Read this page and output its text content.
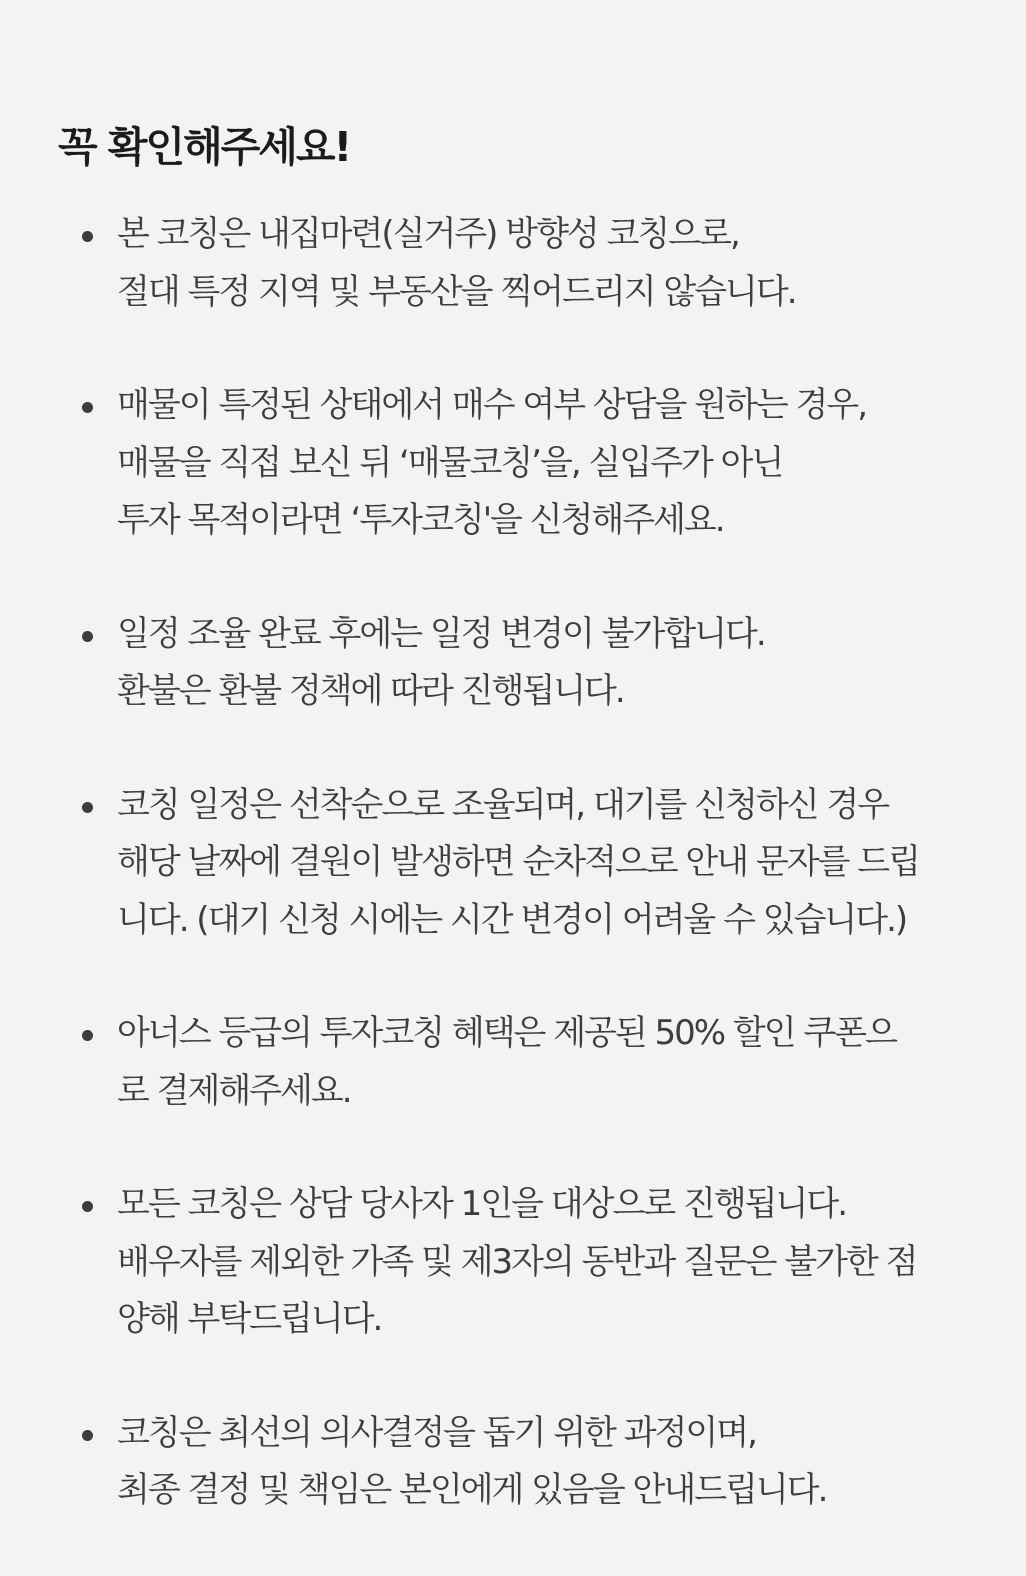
꼭 확인해주세요!
본 코칭은 내집마련(실거주) 방향성 코칭으로,
절대 특정 지역 및 부동산을 찍어드리지 않습니다.
매물이 특정된 상태에서 매수 여부 상담을 원하는 경우,
매물을 직접 보신 뒤 ‘매물코칭’을, 실입주가 아닌
투자 목적이라면 ‘투자코칭'을 신청해주세요.
일정 조율 완료 후에는 일정 변경이 불가합니다.
환불은 환불 정책에 따라 진행됩니다.
코칭 일정은 선착순으로 조율되며, 대기를 신청하신 경우
해당 날짜에 결원이 발생하면 순차적으로 안내 문자를 드립
니다. (대기 신청 시에는 시간 변경이 어려울 수 있습니다.)
아너스 등급의 투자코칭 혜택은 제공된 50% 할인 쿠폰으
로 결제해주세요.
모든 코칭은 상담 당사자 1인을 대상으로 진행됩니다.
배우자를 제외한 가족 및 제3자의 동반과 질문은 불가한 점
양해 부탁드립니다.
코칭은 최선의 의사결정을 돕기 위한 과정이며,
최종 결정 및 책임은 본인에게 있음을 안내드립니다.
